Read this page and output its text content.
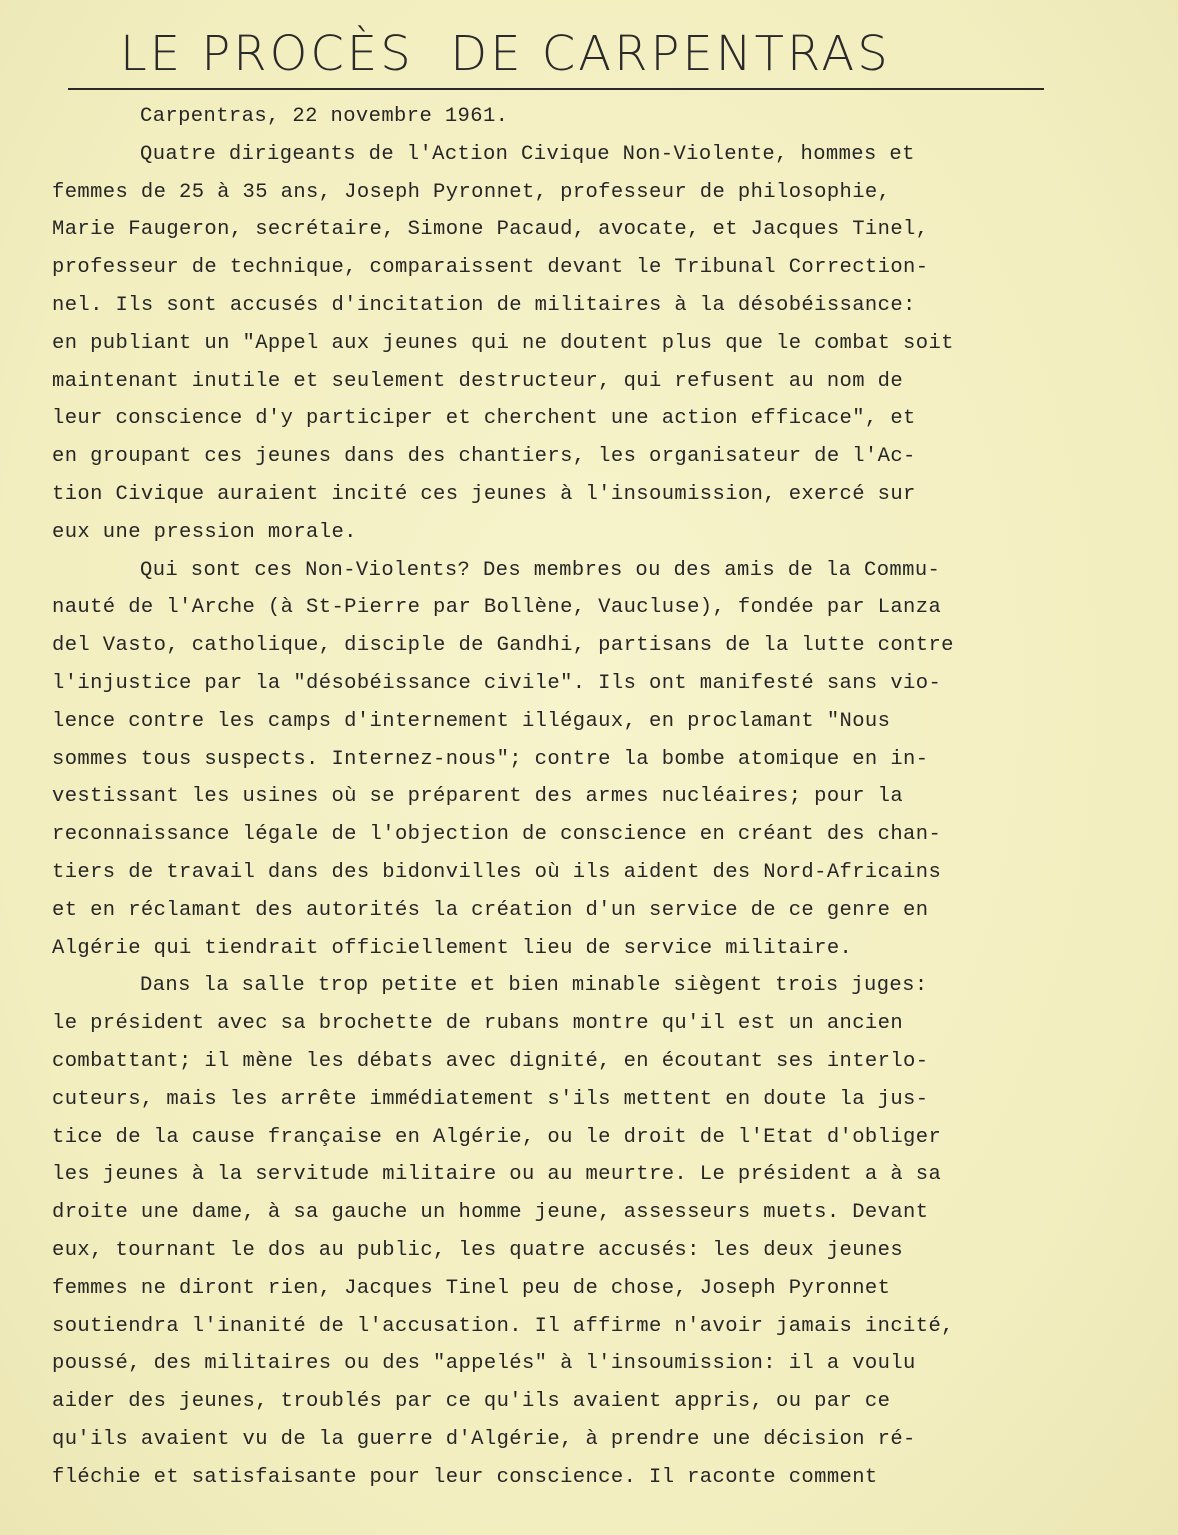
LE PROCÈS  DE CARPENTRAS
Carpentras, 22 novembre 1961.
Quatre dirigeants de l'Action Civique Non-Violente, hommes et
femmes de 25 à 35 ans, Joseph Pyronnet, professeur de philosophie,
Marie Faugeron, secrétaire, Simone Pacaud, avocate, et Jacques Tinel,
professeur de technique, comparaissent devant le Tribunal Correction-
nel. Ils sont accusés d'incitation de militaires à la désobéissance:
en publiant un "Appel aux jeunes qui ne doutent plus que le combat soit
maintenant inutile et seulement destructeur, qui refusent au nom de
leur conscience d'y participer et cherchent une action efficace", et
en groupant ces jeunes dans des chantiers, les organisateur de l'Ac-
tion Civique auraient incité ces jeunes à l'insoumission, exercé sur
eux une pression morale.
Qui sont ces Non-Violents? Des membres ou des amis de la Commu-
nauté de l'Arche (à St-Pierre par Bollène, Vaucluse), fondée par Lanza
del Vasto, catholique, disciple de Gandhi, partisans de la lutte contre
l'injustice par la "désobéissance civile". Ils ont manifesté sans vio-
lence contre les camps d'internement illégaux, en proclamant "Nous
sommes tous suspects. Internez-nous"; contre la bombe atomique en in-
vestissant les usines où se préparent des armes nucléaires; pour la
reconnaissance légale de l'objection de conscience en créant des chan-
tiers de travail dans des bidonvilles où ils aident des Nord-Africains
et en réclamant des autorités la création d'un service de ce genre en
Algérie qui tiendrait officiellement lieu de service militaire.
Dans la salle trop petite et bien minable siègent trois juges:
le président avec sa brochette de rubans montre qu'il est un ancien
combattant; il mène les débats avec dignité, en écoutant ses interlo-
cuteurs, mais les arrête immédiatement s'ils mettent en doute la jus-
tice de la cause française en Algérie, ou le droit de l'Etat d'obliger
les jeunes à la servitude militaire ou au meurtre. Le président a à sa
droite une dame, à sa gauche un homme jeune, assesseurs muets. Devant
eux, tournant le dos au public, les quatre accusés: les deux jeunes
femmes ne diront rien, Jacques Tinel peu de chose, Joseph Pyronnet
soutiendra l'inanité de l'accusation. Il affirme n'avoir jamais incité,
poussé, des militaires ou des "appelés" à l'insoumission: il a voulu
aider des jeunes, troublés par ce qu'ils avaient appris, ou par ce
qu'ils avaient vu de la guerre d'Algérie, à prendre une décision ré-
fléchie et satisfaisante pour leur conscience. Il raconte comment
